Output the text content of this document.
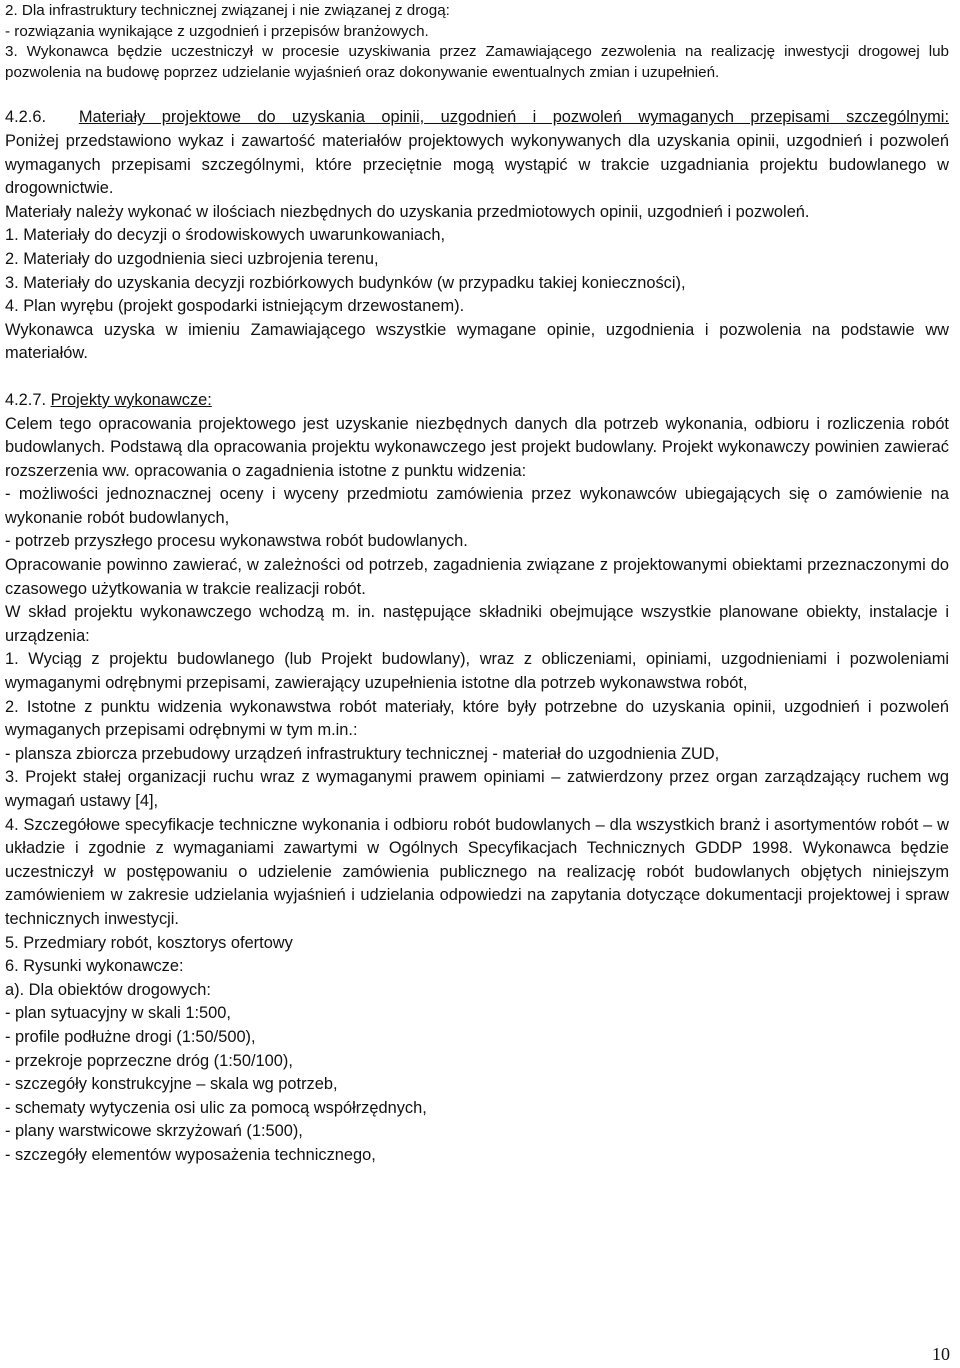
2. Dla infrastruktury technicznej związanej i nie związanej z drogą:

- rozwiązania wynikające z uzgodnień i przepisów branżowych.

3. Wykonawca będzie uczestniczył w procesie uzyskiwania przez Zamawiającego zezwolenia na realizację inwestycji drogowej lub pozwolenia na budowę poprzez udzielanie wyjaśnień oraz dokonywanie ewentualnych zmian i uzupełnień.

4.2.6. Materiały projektowe do uzyskania opinii, uzgodnień i pozwoleń wymaganych przepisami szczególnymi:

Poniżej przedstawiono wykaz i zawartość materiałów projektowych wykonywanych dla uzyskania opinii, uzgodnień i pozwoleń wymaganych przepisami szczególnymi, które przeciętnie mogą wystąpić w trakcie uzgadniania projektu budowlanego w drogownictwie.

Materiały należy wykonać w ilościach niezbędnych do uzyskania przedmiotowych opinii, uzgodnień i pozwoleń.

1. Materiały do decyzji o środowiskowych uwarunkowaniach,

2. Materiały do uzgodnienia sieci uzbrojenia terenu,

3. Materiały do uzyskania decyzji rozbiórkowych budynków (w przypadku takiej konieczności),

4. Plan wyrębu (projekt gospodarki istniejącym drzewostanem).

Wykonawca uzyska w imieniu Zamawiającego wszystkie wymagane opinie, uzgodnienia i pozwolenia na podstawie ww materiałów.

4.2.7. Projekty wykonawcze:

Celem tego opracowania projektowego jest uzyskanie niezbędnych danych dla potrzeb wykonania, odbioru i rozliczenia robót budowlanych. Podstawą dla opracowania projektu wykonawczego jest projekt budowlany. Projekt wykonawczy powinien zawierać rozszerzenia ww. opracowania o zagadnienia istotne z punktu widzenia:

- możliwości jednoznacznej oceny i wyceny przedmiotu zamówienia przez wykonawców ubiegających się o zamówienie na wykonanie robót budowlanych,

- potrzeb przyszłego procesu wykonawstwa robót budowlanych.

Opracowanie powinno zawierać, w zależności od potrzeb, zagadnienia związane z projektowanymi obiektami przeznaczonymi do czasowego użytkowania w trakcie realizacji robót.

W skład projektu wykonawczego wchodzą m. in. następujące składniki obejmujące wszystkie planowane obiekty, instalacje i urządzenia:

1. Wyciąg z projektu budowlanego (lub Projekt budowlany), wraz z obliczeniami, opiniami, uzgodnieniami i pozwoleniami wymaganymi odrębnymi przepisami, zawierający uzupełnienia istotne dla potrzeb wykonawstwa robót,

2. Istotne z punktu widzenia wykonawstwa robót materiały, które były potrzebne do uzyskania opinii, uzgodnień i pozwoleń wymaganych przepisami odrębnymi w tym m.in.:

- plansza zbiorcza przebudowy urządzeń infrastruktury technicznej - materiał do uzgodnienia ZUD,

3. Projekt stałej organizacji ruchu wraz z wymaganymi prawem opiniami – zatwierdzony przez organ zarządzający ruchem wg wymagań ustawy [4],

4. Szczegółowe specyfikacje techniczne wykonania i odbioru robót budowlanych – dla wszystkich branż i asortymentów robót – w układzie i zgodnie z wymaganiami zawartymi w Ogólnych Specyfikacjach Technicznych GDDP 1998. Wykonawca będzie uczestniczył w postępowaniu o udzielenie zamówienia publicznego na realizację robót budowlanych objętych niniejszym zamówieniem w zakresie udzielania wyjaśnień i udzielania odpowiedzi na zapytania dotyczące dokumentacji projektowej i spraw technicznych inwestycji.

5. Przedmiary robót, kosztorys ofertowy

6. Rysunki wykonawcze:

a). Dla obiektów drogowych:

- plan sytuacyjny w skali 1:500,

- profile podłużne drogi (1:50/500),

- przekroje poprzeczne dróg (1:50/100),

- szczegóły konstrukcyjne – skala wg potrzeb,

- schematy wytyczenia osi ulic za pomocą współrzędnych,

- plany warstwicowe skrzyżowań (1:500),

- szczegóły elementów wyposażenia technicznego,

10
